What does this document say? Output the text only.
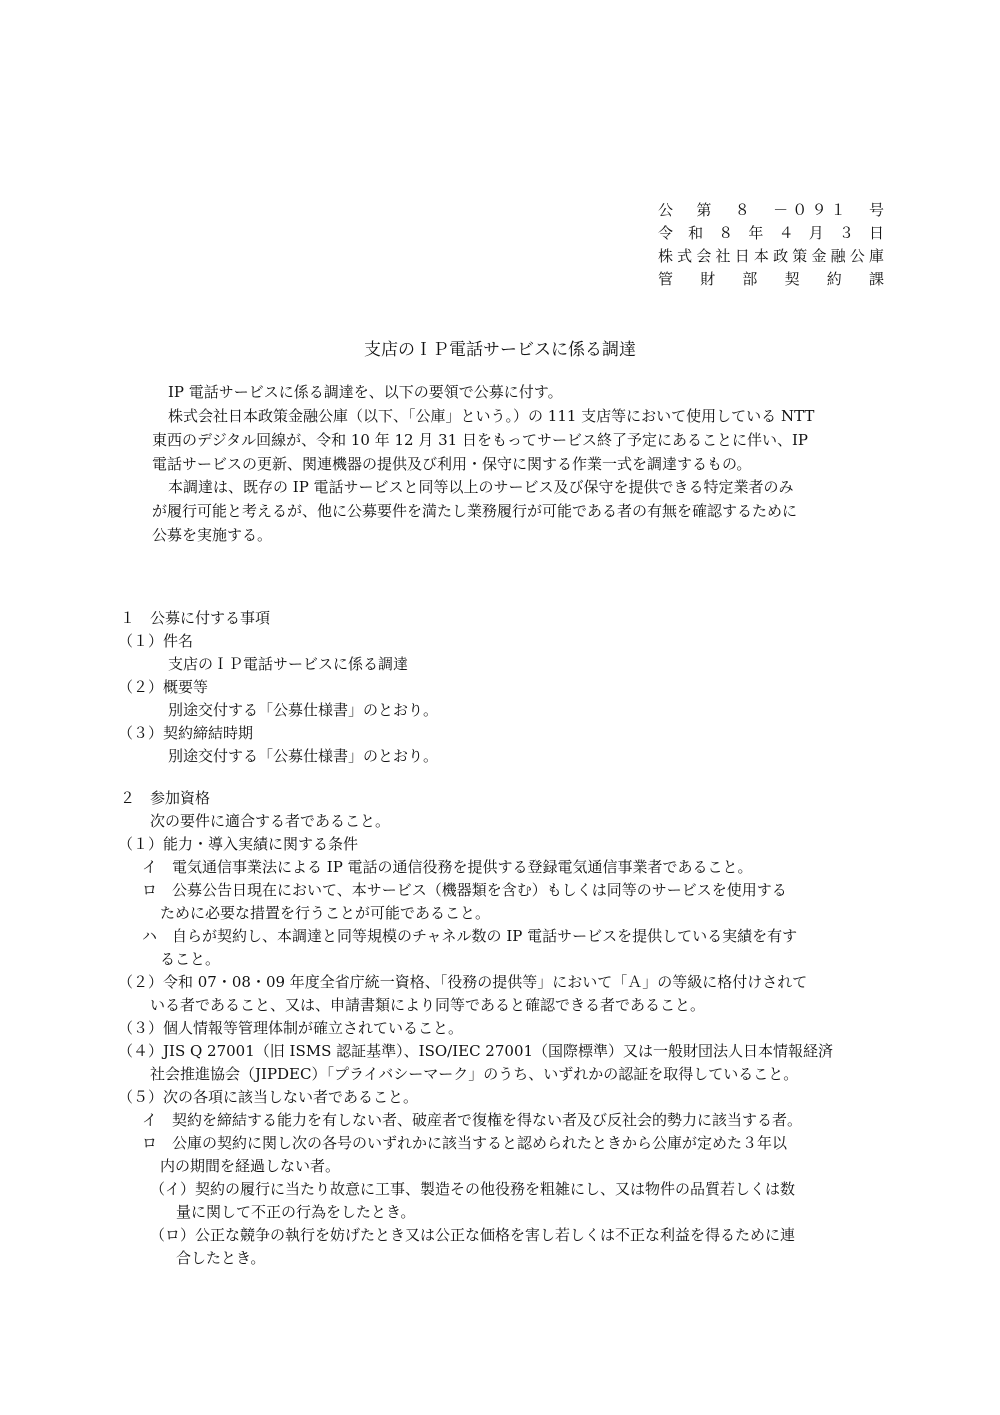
公　第　８　－０９１　号
令　和　８　年　４　月　３　日
株式会社日本政策金融公庫
管　財　部　契　約　課
支店のＩＰ電話サービスに係る調達
IP 電話サービスに係る調達を、以下の要領で公募に付す。
株式会社日本政策金融公庫（以下、「公庫」という。）の 111 支店等において使用している NTT
東西のデジタル回線が、令和 10 年 12 月 31 日をもってサービス終了予定にあることに伴い、IP
電話サービスの更新、関連機器の提供及び利用・保守に関する作業一式を調達するもの。
本調達は、既存の IP 電話サービスと同等以上のサービス及び保守を提供できる特定業者のみ
が履行可能と考えるが、他に公募要件を満たし業務履行が可能である者の有無を確認するために
公募を実施する。
１　公募に付する事項
（１）件名
支店のＩＰ電話サービスに係る調達
（２）概要等
別途交付する「公募仕様書」のとおり。
（３）契約締結時期
別途交付する「公募仕様書」のとおり。
２　参加資格
次の要件に適合する者であること。
（１）能力・導入実績に関する条件
イ　電気通信事業法による IP 電話の通信役務を提供する登録電気通信事業者であること。
ロ　公募公告日現在において、本サービス（機器類を含む）もしくは同等のサービスを使用する
ために必要な措置を行うことが可能であること。
ハ　自らが契約し、本調達と同等規模のチャネル数の IP 電話サービスを提供している実績を有す
ること。
（２）令和 07・08・09 年度全省庁統一資格、「役務の提供等」において「Ａ」の等級に格付けされて
いる者であること、又は、申請書類により同等であると確認できる者であること。
（３）個人情報等管理体制が確立されていること。
（４）JIS Q 27001（旧 ISMS 認証基準）、ISO/IEC 27001（国際標準）又は一般財団法人日本情報経済
社会推進協会（JIPDEC）「プライバシーマーク」のうち、いずれかの認証を取得していること。
（５）次の各項に該当しない者であること。
イ　契約を締結する能力を有しない者、破産者で復権を得ない者及び反社会的勢力に該当する者。
ロ　公庫の契約に関し次の各号のいずれかに該当すると認められたときから公庫が定めた３年以
内の期間を経過しない者。
（イ）契約の履行に当たり故意に工事、製造その他役務を粗雑にし、又は物件の品質若しくは数
量に関して不正の行為をしたとき。
（ロ）公正な競争の執行を妨げたとき又は公正な価格を害し若しくは不正な利益を得るために連
合したとき。
